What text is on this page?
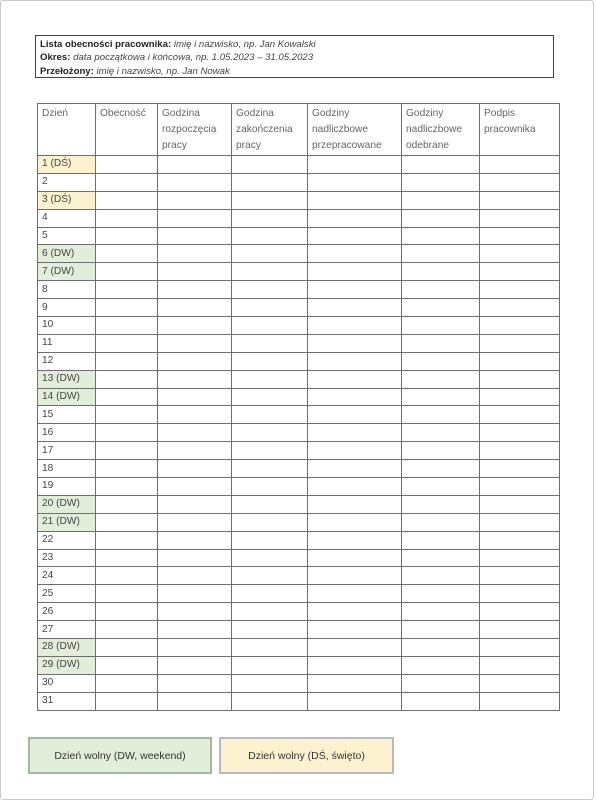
Lista obecności pracownika: imię i nazwisko, np. Jan Kowalski
Okres: data początkowa i końcowa, np. 1.05.2023 – 31.05.2023
Przełożony: imię i nazwisko, np. Jan Nowak
Dzień	Obecność	Godzina
rozpoczęcia
pracy	Godzina
zakończenia
pracy	Godziny
nadliczbowe
przepracowane	Godziny
nadliczbowe
odebrane	Podpis
pracownika
1 (DŚ)						
2						
3 (DŚ)						
4						
5						
6 (DW)						
7 (DW)						
8						
9						
10						
11						
12						
13 (DW)						
14 (DW)						
15						
16						
17						
18						
19						
20 (DW)						
21 (DW)						
22						
23						
24						
25						
26						
27						
28 (DW)						
29 (DW)						
30						
31						
Dzień wolny (DW, weekend)	Dzień wolny (DŚ, święto)
